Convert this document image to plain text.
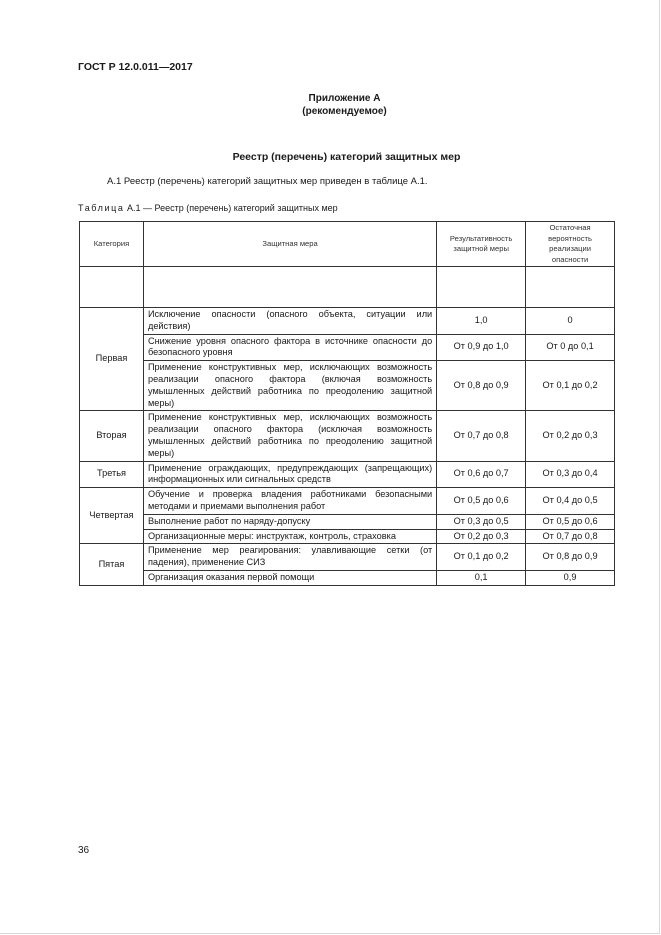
ГОСТ Р 12.0.011—2017
Приложение А
(рекомендуемое)
Реестр (перечень) категорий защитных мер
А.1 Реестр (перечень) категорий защитных мер приведен в таблице А.1.
Таблица А.1 — Реестр (перечень) категорий защитных мер
Категория	Защитная мера	Результативность защитной меры	Остаточная вероятность реализации опасности

Первая	Исключение опасности (опасного объекта, ситуации или действия)	1,0	0
	Снижение уровня опасного фактора в источнике опасности до безопасного уровня	От 0,9 до 1,0	От 0 до 0,1
	Применение конструктивных мер, исключающих возможность реализации опасного фактора (включая возможность умышленных действий работника по преодолению защитной меры)	От 0,8 до 0,9	От 0,1 до 0,2
Вторая	Применение конструктивных мер, исключающих возможность реализации опасного фактора (исключая возможность умышленных действий работника по преодолению защитной меры)	От 0,7 до 0,8	От 0,2 до 0,3
Третья	Применение ограждающих, предупреждающих (запрещающих) информационных или сигнальных средств	От 0,6 до 0,7	От 0,3 до 0,4
Четвертая	Обучение и проверка владения работниками безопасными методами и приемами выполнения работ	От 0,5 до 0,6	От 0,4 до 0,5
	Выполнение работ по наряду-допуску	От 0,3 до 0,5	От 0,5 до 0,6
	Организационные меры: инструктаж, контроль, страховка	От 0,2 до 0,3	От 0,7 до 0,8
Пятая	Применение мер реагирования: улавливающие сетки (от падения), применение СИЗ	От 0,1 до 0,2	От 0,8 до 0,9
	Организация оказания первой помощи	0,1	0,9
36
